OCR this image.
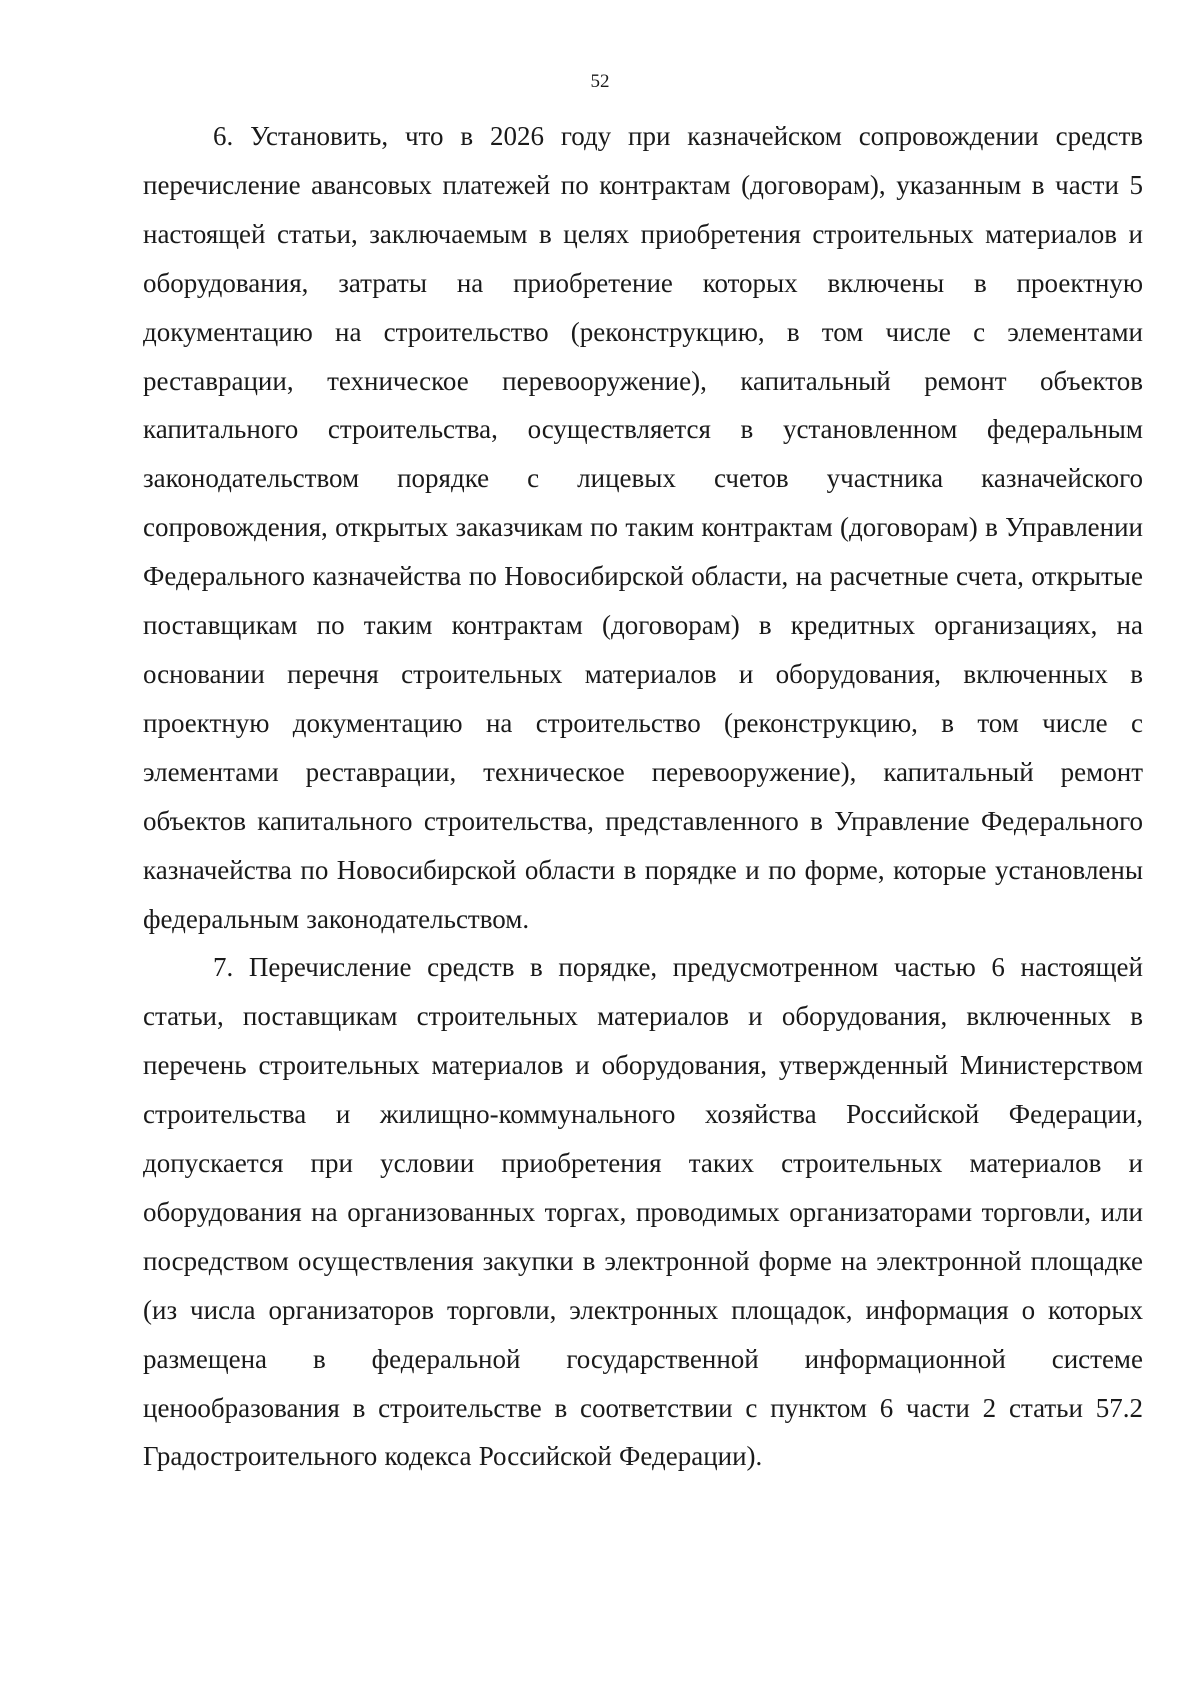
52

6. Установить, что в 2026 году при казначейском сопровождении средств перечисление авансовых платежей по контрактам (договорам), указанным в части 5 настоящей статьи, заключаемым в целях приобретения строительных материалов и оборудования, затраты на приобретение которых включены в проектную документацию на строительство (реконструкцию, в том числе с элементами реставрации, техническое перевооружение), капитальный ремонт объектов капитального строительства, осуществляется в установленном федеральным законодательством порядке с лицевых счетов участника казначейского сопровождения, открытых заказчикам по таким контрактам (договорам) в Управлении Федерального казначейства по Новосибирской области, на расчетные счета, открытые поставщикам по таким контрактам (договорам) в кредитных организациях, на основании перечня строительных материалов и оборудования, включенных в проектную документацию на строительство (реконструкцию, в том числе с элементами реставрации, техническое перевооружение), капитальный ремонт объектов капитального строительства, представленного в Управление Федерального казначейства по Новосибирской области в порядке и по форме, которые установлены федеральным законодательством.

7. Перечисление средств в порядке, предусмотренном частью 6 настоящей статьи, поставщикам строительных материалов и оборудования, включенных в перечень строительных материалов и оборудования, утвержденный Министерством строительства и жилищно-коммунального хозяйства Российской Федерации, допускается при условии приобретения таких строительных материалов и оборудования на организованных торгах, проводимых организаторами торговли, или посредством осуществления закупки в электронной форме на электронной площадке (из числа организаторов торговли, электронных площадок, информация о которых размещена в федеральной государственной информационной системе ценообразования в строительстве в соответствии с пунктом 6 части 2 статьи 57.2 Градостроительного кодекса Российской Федерации).
